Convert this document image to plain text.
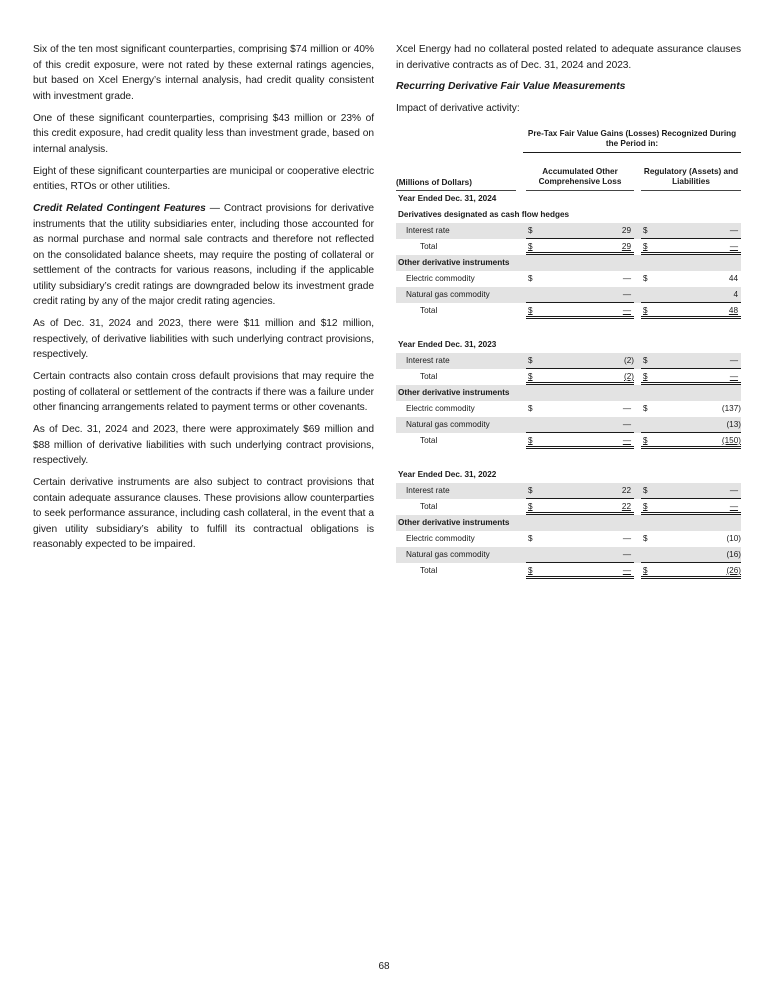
Six of the ten most significant counterparties, comprising $74 million or 40% of this credit exposure, were not rated by these external ratings agencies, but based on Xcel Energy’s internal analysis, had credit quality consistent with investment grade.

One of these significant counterparties, comprising $43 million or 23% of this credit exposure, had credit quality less than investment grade, based on internal analysis.

Eight of these significant counterparties are municipal or cooperative electric entities, RTOs or other utilities.

Credit Related Contingent Features — Contract provisions for derivative instruments that the utility subsidiaries enter, including those accounted for as normal purchase and normal sale contracts and therefore not reflected on the consolidated balance sheets, may require the posting of collateral or settlement of the contracts for various reasons, including if the applicable utility subsidiary’s credit ratings are downgraded below its investment grade credit rating by any of the major credit rating agencies.

As of Dec. 31, 2024 and 2023, there were $11 million and $12 million, respectively, of derivative liabilities with such underlying contract provisions, respectively.

Certain contracts also contain cross default provisions that may require the posting of collateral or settlement of the contracts if there was a failure under other financing arrangements related to payment terms or other covenants.

As of Dec. 31, 2024 and 2023, there were approximately $69 million and $88 million of derivative liabilities with such underlying contract provisions, respectively.

Certain derivative instruments are also subject to contract provisions that contain adequate assurance clauses. These provisions allow counterparties to seek performance assurance, including cash collateral, in the event that a given utility subsidiary’s ability to fulfill its contractual obligations is reasonably expected to be impaired.

Xcel Energy had no collateral posted related to adequate assurance clauses in derivative contracts as of Dec. 31, 2024 and 2023.

Recurring Derivative Fair Value Measurements

Impact of derivative activity:

Pre-Tax Fair Value Gains (Losses) Recognized During the Period in:
(Millions of Dollars)
Accumulated Other Comprehensive Loss
Regulatory (Assets) and Liabilities
Year Ended Dec. 31, 2024
Derivatives designated as cash flow hedges
Interest rate	$	29 $	—
Total	$	29 $	—
Other derivative instruments
Electric commodity	$	— $	44
Natural gas commodity	—	4
Total	$	— $	48
Year Ended Dec. 31, 2023
Interest rate	$	(2) $	—
Total	$	(2) $	—
Other derivative instruments
Electric commodity	$	— $	(137)
Natural gas commodity	—	(13)
Total	$	— $	(150)
Year Ended Dec. 31, 2022
Interest rate	$	22 $	—
Total	$	22 $	—
Other derivative instruments
Electric commodity	$	— $	(10)
Natural gas commodity	—	(16)
Total	$	— $	(26)
68
